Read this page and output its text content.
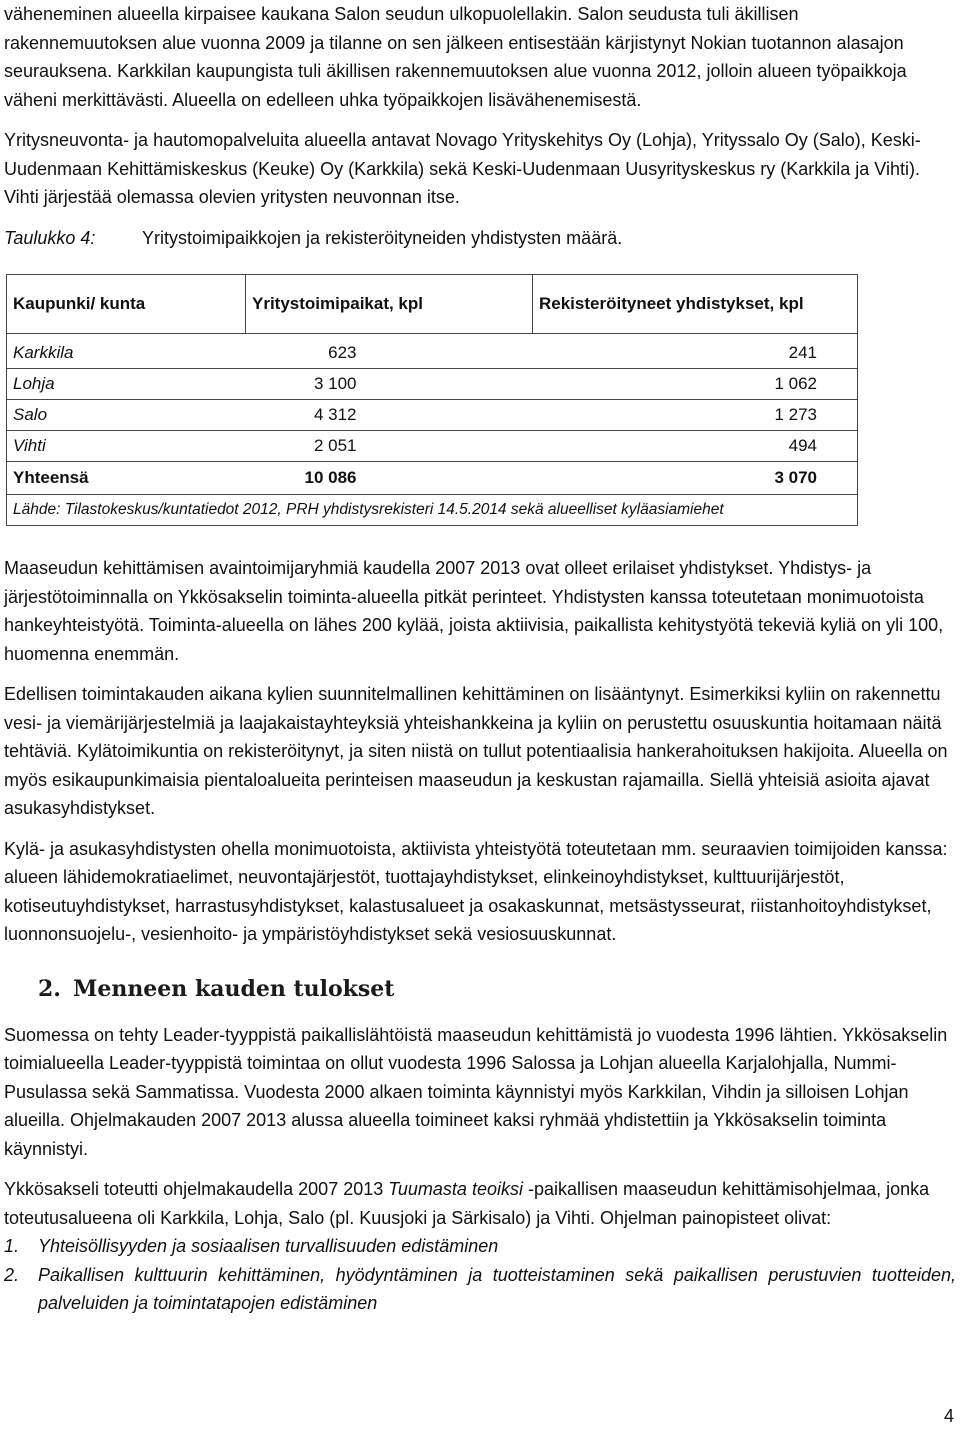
väheneminen alueella kirpaisee kaukana Salon seudun ulkopuolellakin. Salon seudusta tuli äkillisen rakennemuutoksen alue vuonna 2009 ja tilanne on sen jälkeen entisestään kärjistynyt Nokian tuotannon alasajon seurauksena. Karkkilan kaupungista tuli äkillisen rakennemuutoksen alue vuonna 2012, jolloin alueen työpaikkoja väheni merkittävästi. Alueella on edelleen uhka työpaikkojen lisävähenemisestä.

Yritysneuvonta- ja hautomopalveluita alueella antavat Novago Yrityskehitys Oy (Lohja), Yrityssalo Oy (Salo), Keski-Uudenmaan Kehittämiskeskus (Keuke) Oy (Karkkila) sekä Keski-Uudenmaan Uusyrityskeskus ry (Karkkila ja Vihti). Vihti järjestää olemassa olevien yritysten neuvonnan itse.

Taulukko 4:	Yritystoimipaikkojen ja rekisteröityneiden yhdistysten määrä.
Kaupunki/ kunta	Yritystoimipaikat, kpl	Rekisteröityneet yhdistykset, kpl
Karkkila	623	241
Lohja	3 100	1 062
Salo	4 312	1 273
Vihti	2 051	494
Yhteensä	10 086	3 070
Lähde: Tilastokeskus/kuntatiedot 2012, PRH yhdistysrekisteri 14.5.2014 sekä alueelliset kyläasiamiehet		

Maaseudun kehittämisen avaintoimijaryhmiä kaudella 2007 2013 ovat olleet erilaiset yhdistykset. Yhdistys- ja järjestötoiminnalla on Ykkösakselin toiminta-alueella pitkät perinteet. Yhdistysten kanssa toteutetaan monimuotoista hankeyhteistyötä. Toiminta-alueella on lähes 200 kylää, joista aktiivisia, paikallista kehitystyötä tekeviä kyliä on yli 100, huomenna enemmän.

Edellisen toimintakauden aikana kylien suunnitelmallinen kehittäminen on lisääntynyt. Esimerkiksi kyliin on rakennettu vesi- ja viemärijärjestelmiä ja laajakaistayhteyksiä yhteishankkeina ja kyliin on perustettu osuuskuntia hoitamaan näitä tehtäviä. Kylätoimikuntia on rekisteröitynyt, ja siten niistä on tullut potentiaalisia hankerahoituksen hakijoita. Alueella on myös esikaupunkimaisia pientaloalueita perinteisen maaseudun ja keskustan rajamailla. Siellä yhteisiä asioita ajavat asukasyhdistykset.

Kylä- ja asukasyhdistysten ohella monimuotoista, aktiivista yhteistyötä toteutetaan mm. seuraavien toimijoiden kanssa: alueen lähidemokratiaelimet, neuvontajärjestöt, tuottajayhdistykset, elinkeinoyhdistykset, kulttuurijärjestöt, kotiseutuyhdistykset, harrastusyhdistykset, kalastusalueet ja osakaskunnat, metsästysseurat, riistanhoitoyhdistykset, luonnonsuojelu-, vesienhoito- ja ympäristöyhdistykset sekä vesiosuuskunnat.

2. Menneen kauden tulokset

Suomessa on tehty Leader-tyyppistä paikallislähtöistä maaseudun kehittämistä jo vuodesta 1996 lähtien. Ykkösakselin toimialueella Leader-tyyppistä toimintaa on ollut vuodesta 1996 Salossa ja Lohjan alueella Karjalohjalla, Nummi-Pusulassa sekä Sammatissa. Vuodesta 2000 alkaen toiminta käynnistyi myös Karkkilan, Vihdin ja silloisen Lohjan alueilla. Ohjelmakauden 2007 2013 alussa alueella toimineet kaksi ryhmää yhdistettiin ja Ykkösakselin toiminta käynnistyi.

Ykkösakseli toteutti ohjelmakaudella 2007 2013 Tuumasta teoiksi -paikallisen maaseudun kehittämisohjelmaa, jonka toteutusalueena oli Karkkila, Lohja, Salo (pl. Kuusjoki ja Särkisalo) ja Vihti. Ohjelman painopisteet olivat:

1.	Yhteisöllisyyden ja sosiaalisen turvallisuuden edistäminen
2.	Paikallisen kulttuurin kehittäminen, hyödyntäminen ja tuotteistaminen sekä paikallisen perustuvien tuotteiden, palveluiden ja toimintatapojen edistäminen
4
